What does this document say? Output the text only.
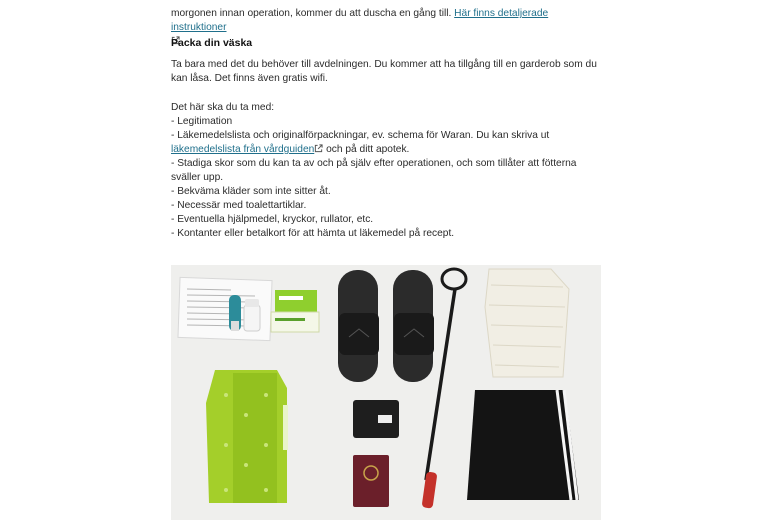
morgonen innan operation, kommer du att duscha en gång till. Här finns detaljerade instruktioner

Packa din väska

Ta bara med det du behöver till avdelningen. Du kommer att ha tillgång till en garderob som du kan låsa. Det finns även gratis wifi.

Det här ska du ta med:

- Legitimation
- Läkemedelslista och originalförpackningar, ev. schema för Waran. Du kan skriva ut läkemedelslista från vårdguiden och på ditt apotek.
- Stadiga skor som du kan ta av och på själv efter operationen, och som tillåter att fötterna sväller upp.
- Bekväma kläder som inte sitter åt.
- Necessär med toalettartiklar.
- Eventuella hjälpmedel, kryckor, rullator, etc.
- Kontanter eller betalkort för att hämta ut läkemedel på recept.
